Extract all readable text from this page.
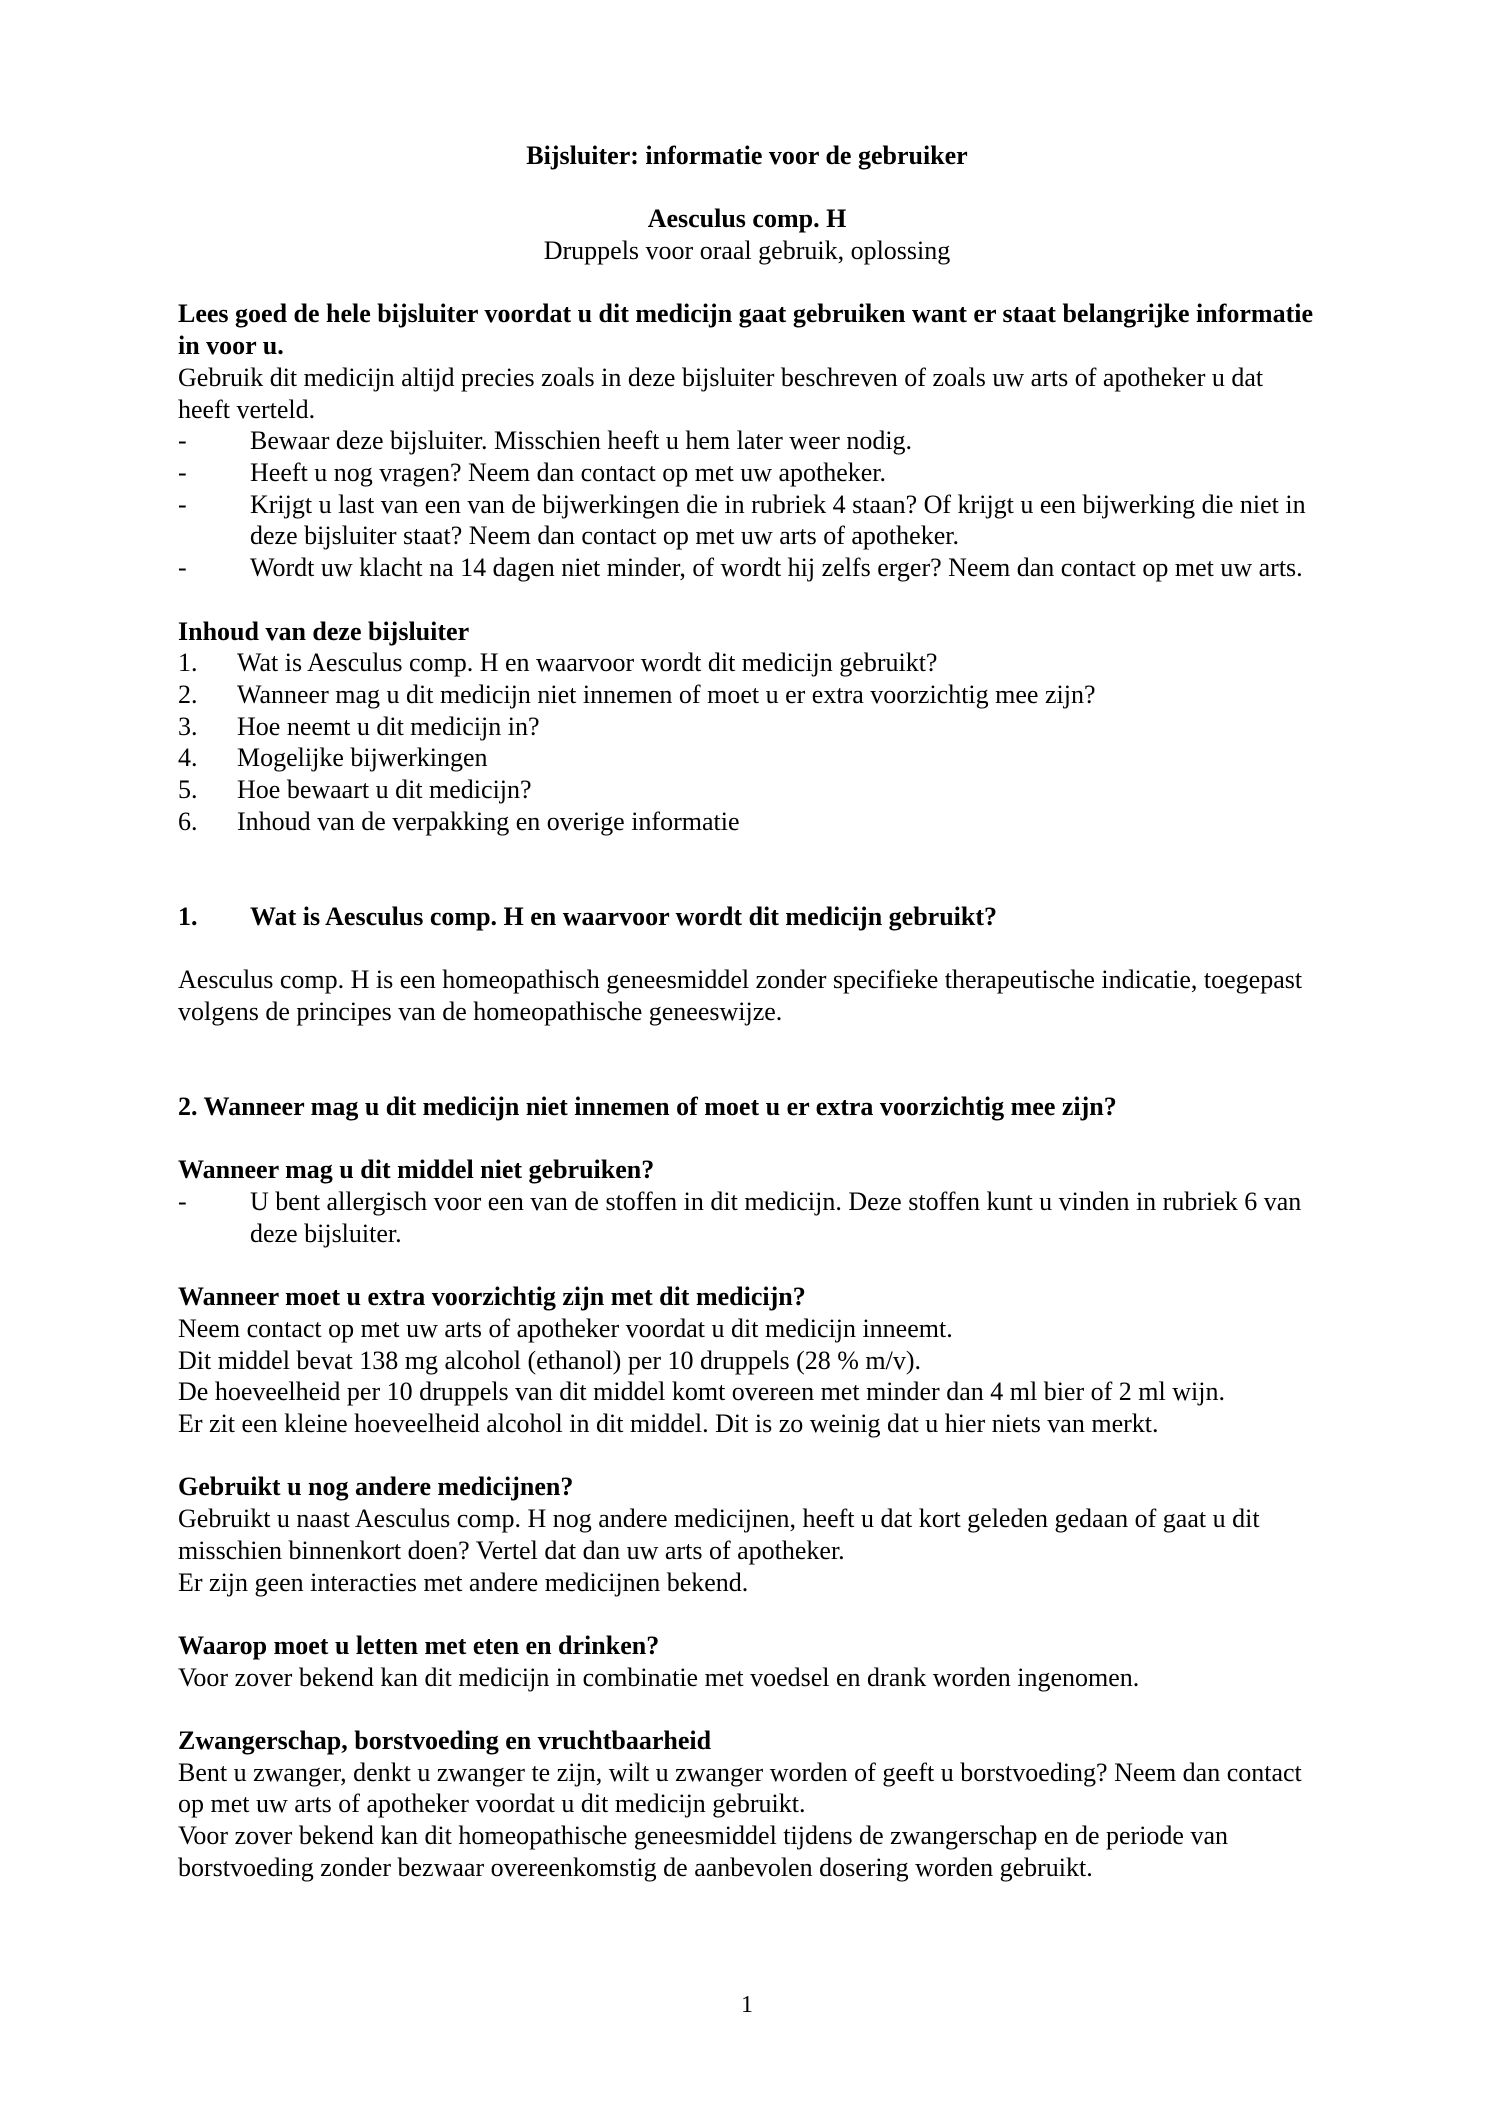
Bijsluiter: informatie voor de gebruiker

Aesculus comp. H

Druppels voor oraal gebruik, oplossing

Lees goed de hele bijsluiter voordat u dit medicijn gaat gebruiken want er staat belangrijke informatie in voor u.

Gebruik dit medicijn altijd precies zoals in deze bijsluiter beschreven of zoals uw arts of apotheker u dat heeft verteld.

-	Bewaar deze bijsluiter. Misschien heeft u hem later weer nodig.
-	Heeft u nog vragen? Neem dan contact op met uw apotheker.
-	Krijgt u last van een van de bijwerkingen die in rubriek 4 staan? Of krijgt u een bijwerking die niet in deze bijsluiter staat? Neem dan contact op met uw arts of apotheker.
-	Wordt uw klacht na 14 dagen niet minder, of wordt hij zelfs erger? Neem dan contact op met uw arts.

Inhoud van deze bijsluiter

1.	Wat is Aesculus comp. H en waarvoor wordt dit medicijn gebruikt?
2.	Wanneer mag u dit medicijn niet innemen of moet u er extra voorzichtig mee zijn?
3.	Hoe neemt u dit medicijn in?
4.	Mogelijke bijwerkingen
5.	Hoe bewaart u dit medicijn?
6.	Inhoud van de verpakking en overige informatie
1.	Wat is Aesculus comp. H en waarvoor wordt dit medicijn gebruikt?

Aesculus comp. H is een homeopathisch geneesmiddel zonder specifieke therapeutische indicatie, toegepast volgens de principes van de homeopathische geneeswijze.

2. Wanneer mag u dit medicijn niet innemen of moet u er extra voorzichtig mee zijn?

Wanneer mag u dit middel niet gebruiken?

-	U bent allergisch voor een van de stoffen in dit medicijn. Deze stoffen kunt u vinden in rubriek 6 van deze bijsluiter.

Wanneer moet u extra voorzichtig zijn met dit medicijn?

Neem contact op met uw arts of apotheker voordat u dit medicijn inneemt.

Dit middel bevat 138 mg alcohol (ethanol) per 10 druppels (28 % m/v).

De hoeveelheid per 10 druppels van dit middel komt overeen met minder dan 4 ml bier of 2 ml wijn.

Er zit een kleine hoeveelheid alcohol in dit middel. Dit is zo weinig dat u hier niets van merkt.

Gebruikt u nog andere medicijnen?

Gebruikt u naast Aesculus comp. H nog andere medicijnen, heeft u dat kort geleden gedaan of gaat u dit misschien binnenkort doen? Vertel dat dan uw arts of apotheker.

Er zijn geen interacties met andere medicijnen bekend.

Waarop moet u letten met eten en drinken?

Voor zover bekend kan dit medicijn in combinatie met voedsel en drank worden ingenomen.

Zwangerschap, borstvoeding en vruchtbaarheid

Bent u zwanger, denkt u zwanger te zijn, wilt u zwanger worden of geeft u borstvoeding? Neem dan contact op met uw arts of apotheker voordat u dit medicijn gebruikt.

Voor zover bekend kan dit homeopathische geneesmiddel tijdens de zwangerschap en de periode van borstvoeding zonder bezwaar overeenkomstig de aanbevolen dosering worden gebruikt.

1
